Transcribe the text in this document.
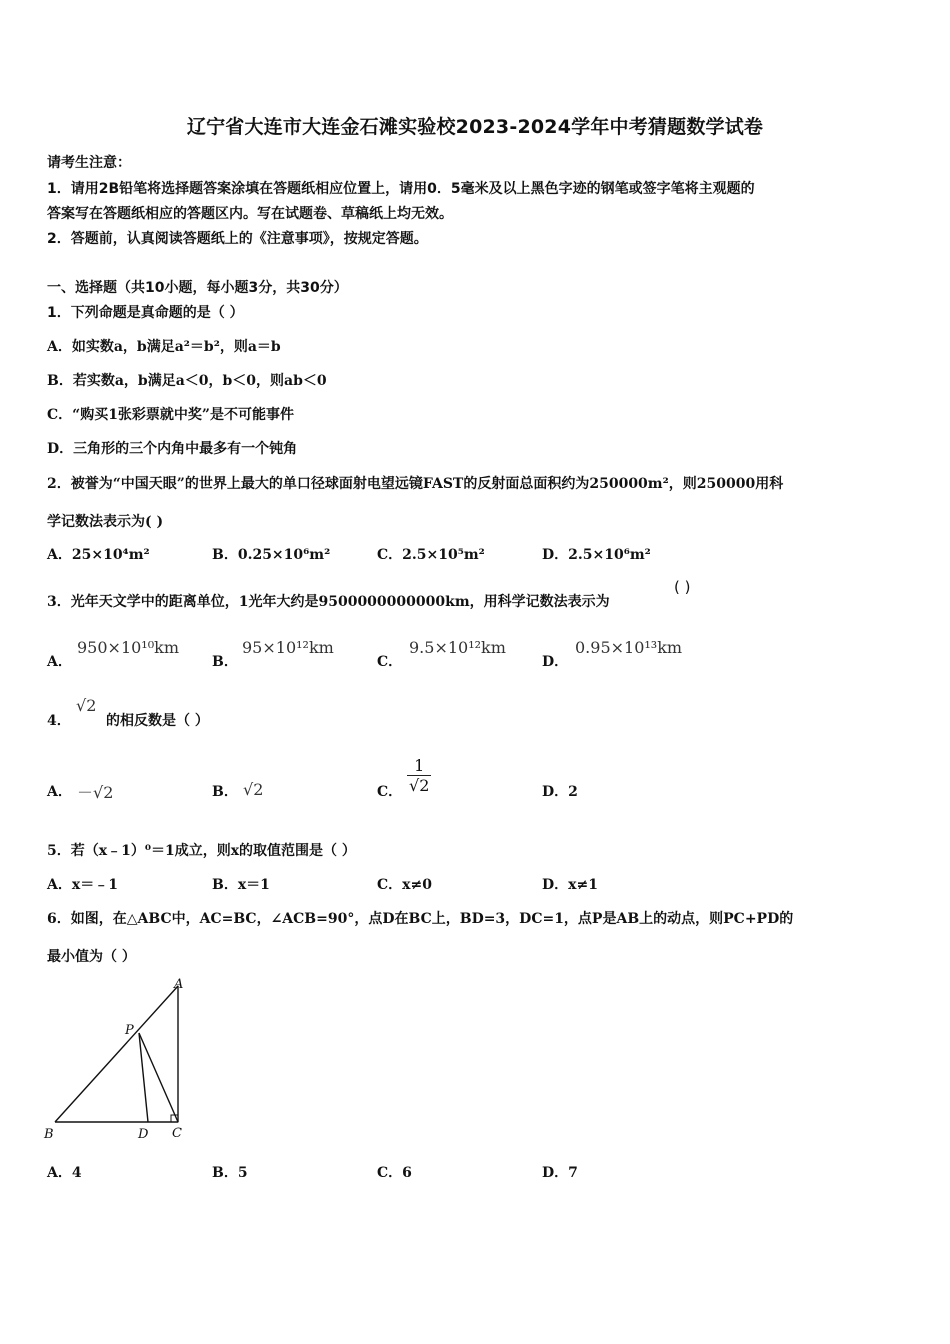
辽宁省大连市大连金石滩实验校2023-2024学年中考猜题数学试卷
请考生注意：
1．请用2B铅笔将选择题答案涂填在答题纸相应位置上，请用0．5毫米及以上黑色字迹的钢笔或签字笔将主观题的
答案写在答题纸相应的答题区内。写在试题卷、草稿纸上均无效。
2．答题前，认真阅读答题纸上的《注意事项》，按规定答题。
一、选择题（共10小题，每小题3分，共30分）
1．下列命题是真命题的是（ ）
A．如实数a，b满足a²＝b²，则a＝b
B．若实数a，b满足a＜0，b＜0，则ab＜0
C．“购买1张彩票就中奖”是不可能事件
D．三角形的三个内角中最多有一个钝角
2．被誉为“中国天眼”的世界上最大的单口径球面射电望远镜FAST的反射面总面积约为250000m²，则250000用科
学记数法表示为( )
A．25×10⁴m²	B．0.25×10⁶m²	C．2.5×10⁵m²	D．2.5×10⁶m²
3．光年天文学中的距离单位，1光年大约是9500000000000km，用科学记数法表示为
( )
A．
950×10¹⁰km
B．
95×10¹²km
C．
9.5×10¹²km
D．
0.95×10¹³km
4．
√2
的相反数是（ ）
A． －√2	B． √2	C． $\frac{1}{√2}$	D．2
5．若（x﹣1）⁰＝1成立，则x的取值范围是（ ）
A．x＝﹣1	B．x＝1	C．x≠0	D．x≠1
6．如图，在△ABC中，AC=BC，∠ACB=90°，点D在BC上，BD=3，DC=1，点P是AB上的动点，则PC+PD的
最小值为（ ）
A
B	C
D
P
A．4	B．5	C．6	D．7
